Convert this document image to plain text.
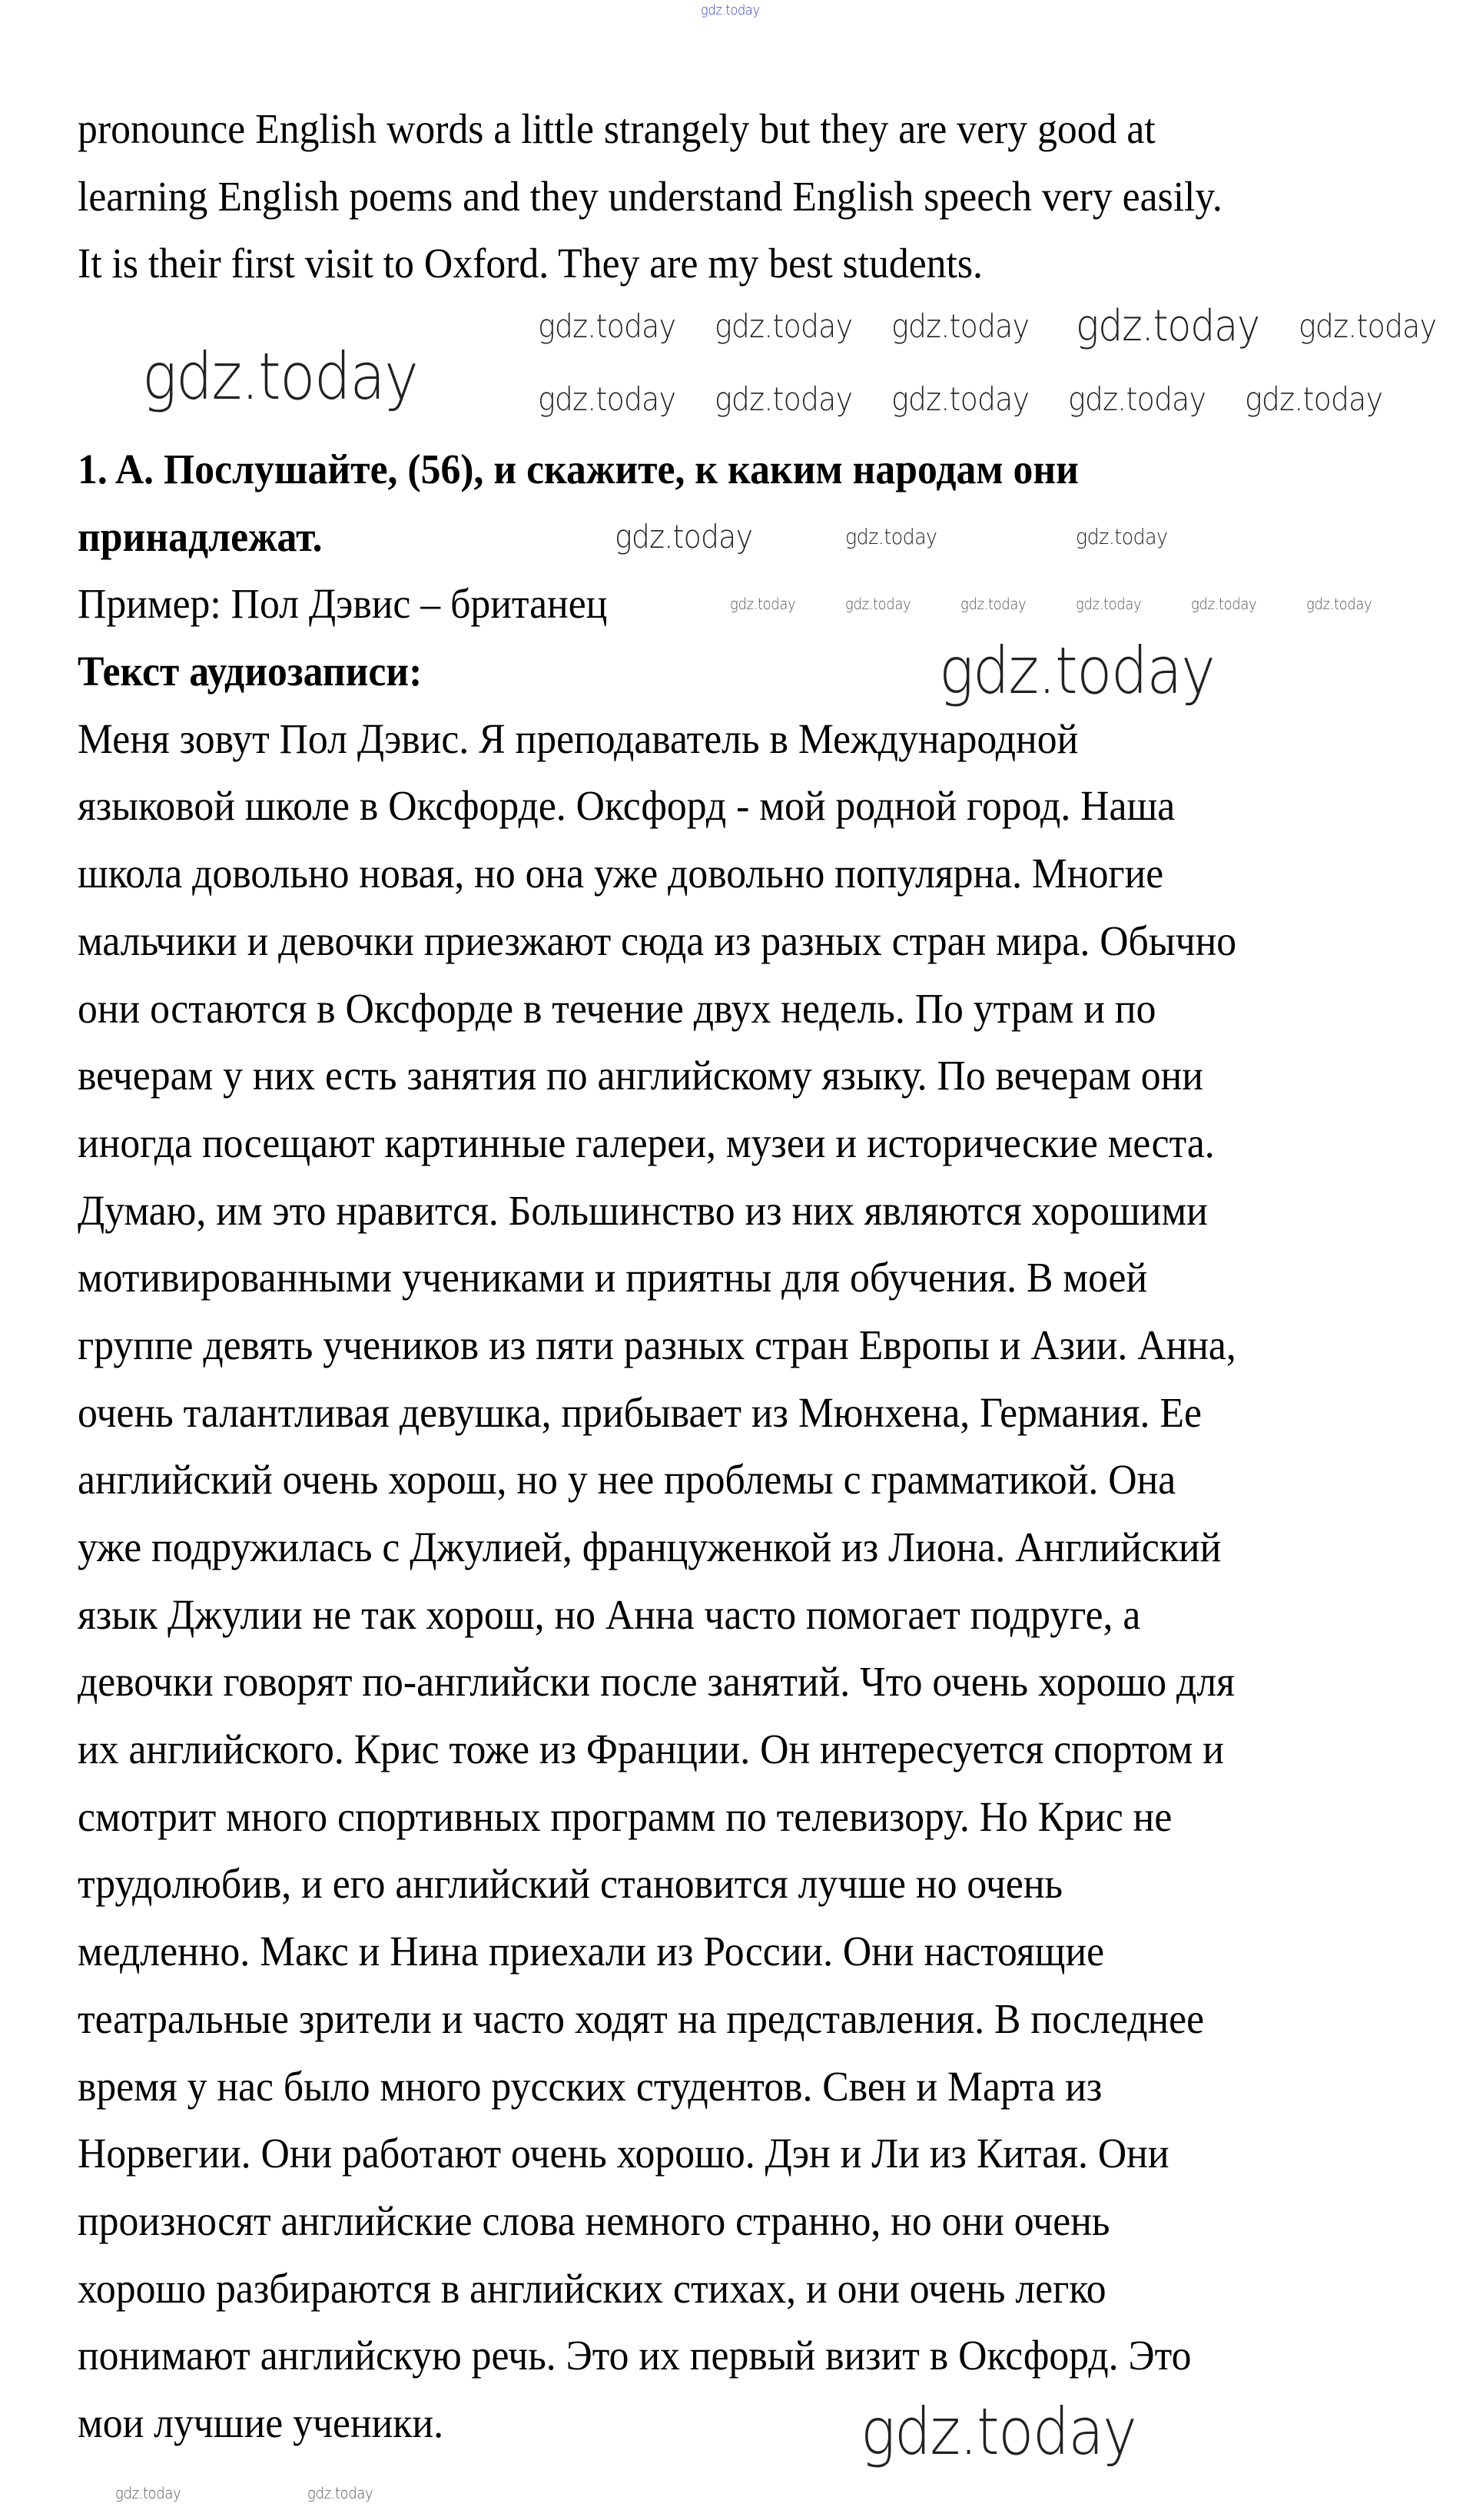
pronounce English words a little strangely but they are very good at
learning English poems and they understand English speech very easily.
It is their first visit to Oxford. They are my best students.
1. A. Послушайте, (56), и скажите, к каким народам они
принадлежат.
Пример: Пол Дэвис – британец
Текст аудиозаписи:
Меня зовут Пол Дэвис. Я преподаватель в Международной
языковой школе в Оксфорде. Оксфорд - мой родной город. Наша
школа довольно новая, но она уже довольно популярна. Многие
мальчики и девочки приезжают сюда из разных стран мира. Обычно
они остаются в Оксфорде в течение двух недель. По утрам и по
вечерам у них есть занятия по английскому языку. По вечерам они
иногда посещают картинные галереи, музеи и исторические места.
Думаю, им это нравится. Большинство из них являются хорошими
мотивированными учениками и приятны для обучения. В моей
группе девять учеников из пяти разных стран Европы и Азии. Анна,
очень талантливая девушка, прибывает из Мюнхена, Германия. Ее
английский очень хорош, но у нее проблемы с грамматикой. Она
уже подружилась с Джулией, француженкой из Лиона. Английский
язык Джулии не так хорош, но Анна часто помогает подруге, а
девочки говорят по-английски после занятий. Что очень хорошо для
их английского. Крис тоже из Франции. Он интересуется спортом и
смотрит много спортивных программ по телевизору. Но Крис не
трудолюбив, и его английский становится лучше но очень
медленно. Макс и Нина приехали из России. Они настоящие
театральные зрители и часто ходят на представления. В последнее
время у нас было много русских студентов. Свен и Марта из
Норвегии. Они работают очень хорошо. Дэн и Ли из Китая. Они
произносят английские слова немного странно, но они очень
хорошо разбираются в английских стихах, и они очень легко
понимают английскую речь. Это их первый визит в Оксфорд. Это
мои лучшие ученики.
gdz.today
gdz.today
gdz.today
gdz.today gdz.today gdz.today	gdz.today
gdz.today gdz.today gdz.today gdz.today gdz.today
gdz.today	gdz.today	gdz.today
gdz.today	gdz.today	gdz.today	gdz.today	gdz.today	gdz.today
gdz.today
gdz.today
gdz.today	gdz.today
